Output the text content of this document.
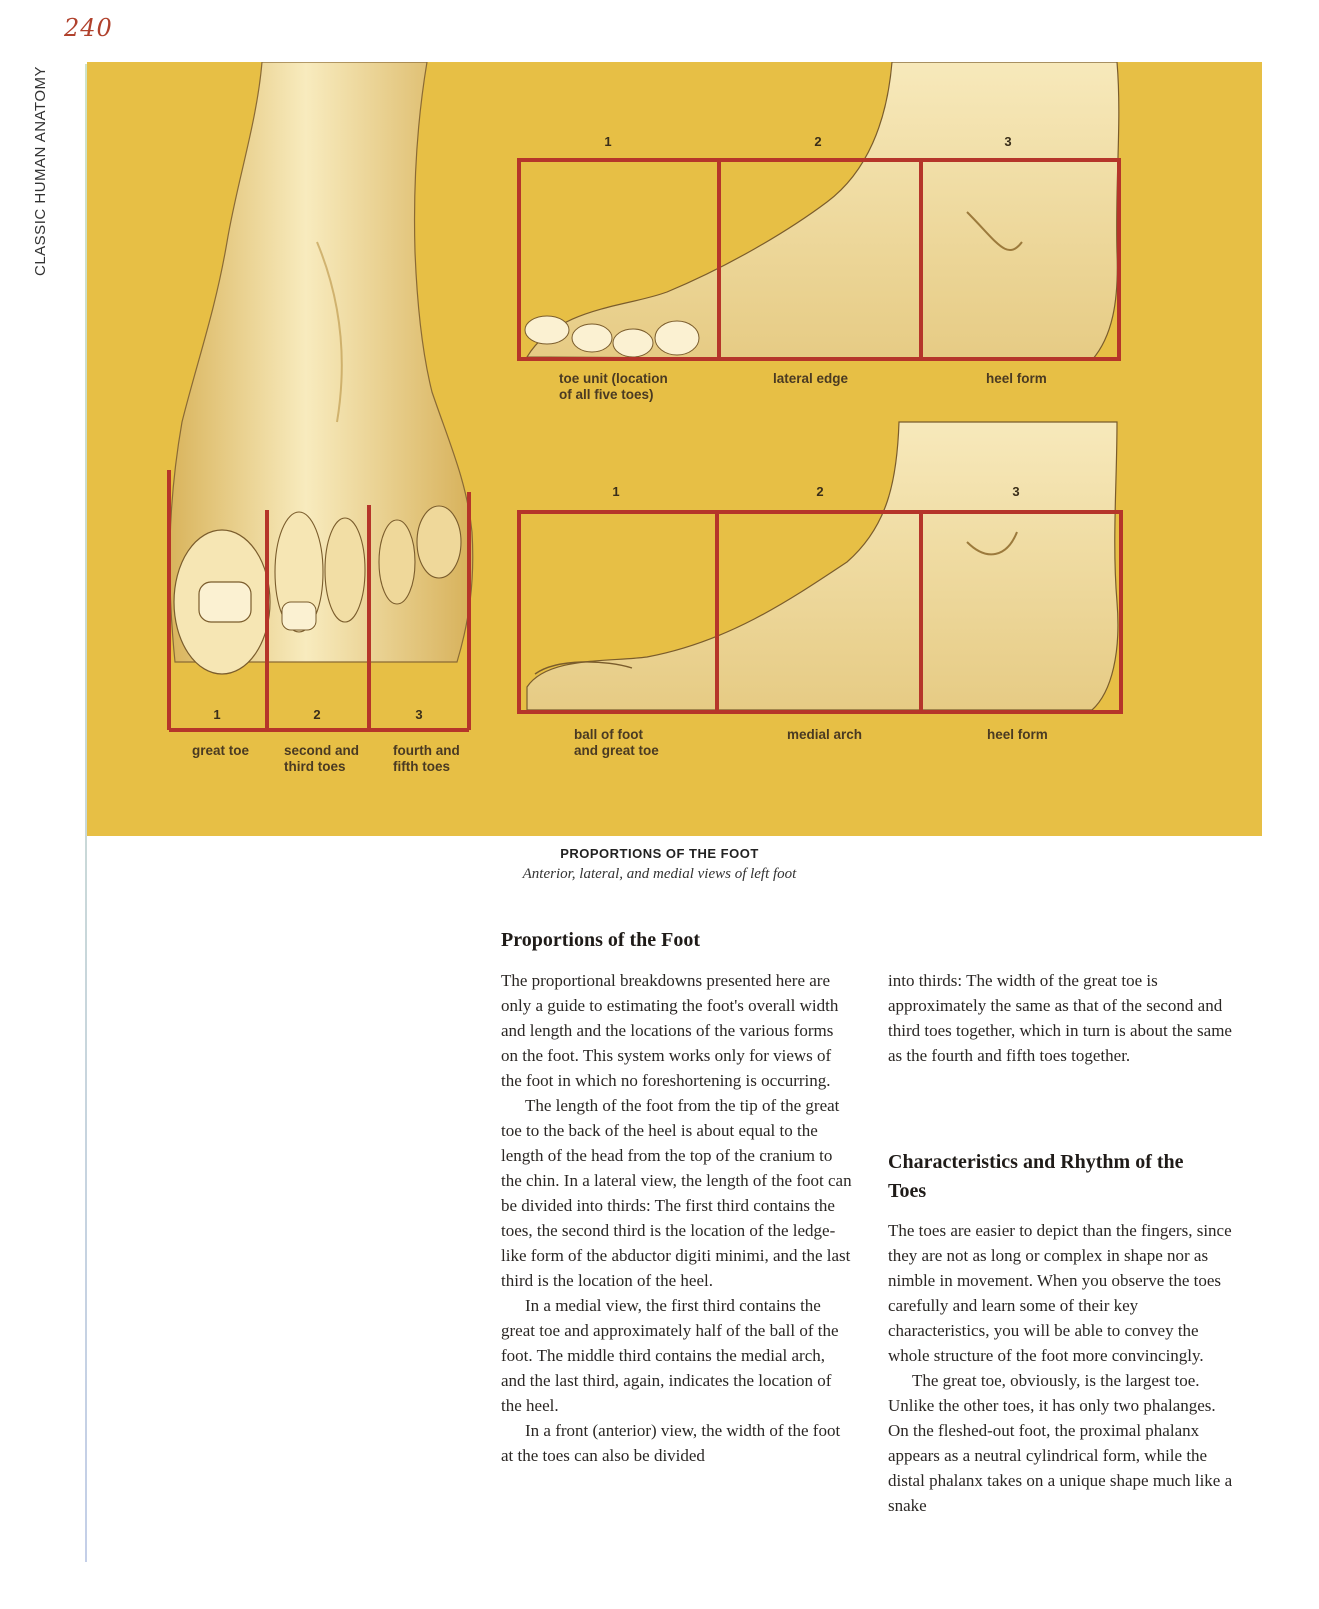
240
CLASSIC HUMAN ANATOMY	1	2	3
toe unit (location
of all five toes)
lateral edge	heel form
1	2	3
ball of foot
and great toe
medial arch	heel form
1	2	3
great toe	second and
third toes
fourth and
fifth toes
PROPORTIONS OF THE FOOT
Anterior, lateral, and medial views of left foot
Proportions of the Foot

The proportional breakdowns presented here are only a guide to estimating the foot's overall width and length and the locations of the various forms on the foot. This system works only for views of the foot in which no foreshortening is occurring.

The length of the foot from the tip of the great toe to the back of the heel is about equal to the length of the head from the top of the cranium to the chin. In a lateral view, the length of the foot can be divided into thirds: The first third contains the toes, the second third is the location of the ledge-like form of the abductor digiti minimi, and the last third is the location of the heel.

In a medial view, the first third contains the great toe and approximately half of the ball of the foot. The middle third contains the medial arch, and the last third, again, indicates the location of the heel.

In a front (anterior) view, the width of the foot at the toes can also be divided

into thirds: The width of the great toe is approximately the same as that of the second and third toes together, which in turn is about the same as the fourth and fifth toes together.

Characteristics and Rhythm of the Toes

The toes are easier to depict than the fingers, since they are not as long or complex in shape nor as nimble in movement. When you observe the toes carefully and learn some of their key characteristics, you will be able to convey the whole structure of the foot more convincingly.

The great toe, obviously, is the largest toe. Unlike the other toes, it has only two phalanges. On the fleshed-out foot, the proximal phalanx appears as a neutral cylindrical form, while the distal phalanx takes on a unique shape much like a snake
